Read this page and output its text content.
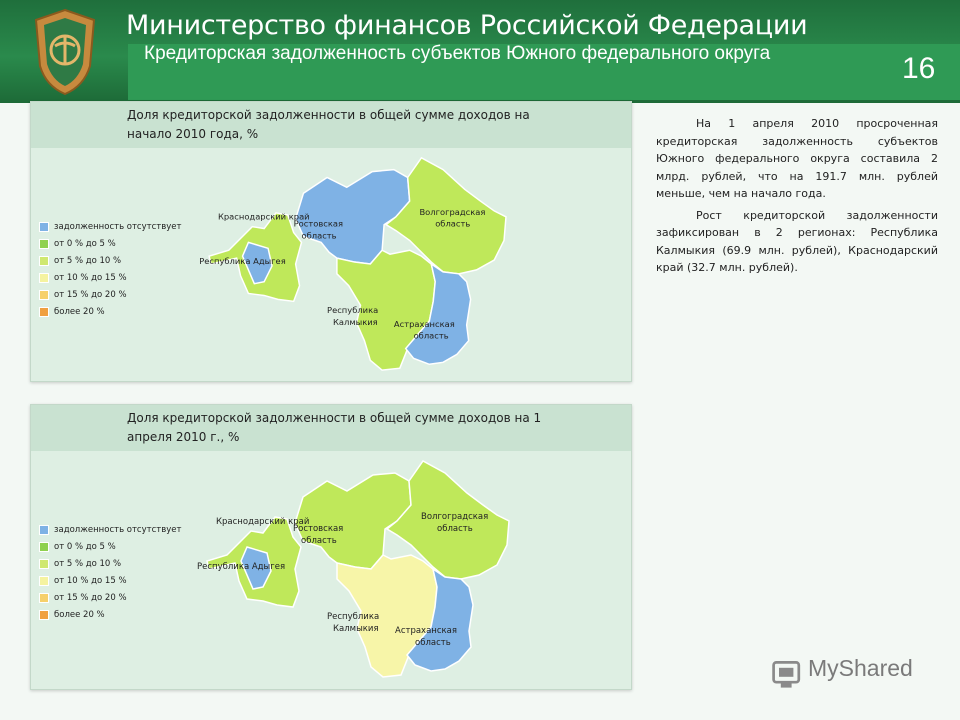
Министерство финансов Российской Федерации
Кредиторская задолженность субъектов Южного федерального округа	16
Доля кредиторской задолженности в общей сумме доходов на начало 2010 года, %
Краснодарский край
Республика Адыгея
Ростовская
область
Волгоградская
область
Республика
Калмыкия Астраханская
область
задолженность отсутствует
от 0 % до 5 %
от 5 % до 10 %
от 10 % до 15 %
от 15 % до 20 %
более 20 %
Доля кредиторской задолженности в общей сумме доходов на 1 апреля 2010 г., %
Краснодарский край
Республика Адыгея
Ростовская
область
Волгоградская
область
Республика
Калмыкия Астраханская
область
задолженность отсутствует
от 0 % до 5 %
от 5 % до 10 %
от 10 % до 15 %
от 15 % до 20 %
более 20 %

На 1 апреля 2010 просроченная кредиторская задолженность субъектов Южного федерального округа составила 2 млрд. рублей, что на 191.7 млн. рублей меньше, чем на начало года.

Рост кредиторской задолженности зафиксирован в 2 регионах: Республика Калмыкия (69.9 млн. рублей), Краснодарский край (32.7 млн. рублей).

MyShared
